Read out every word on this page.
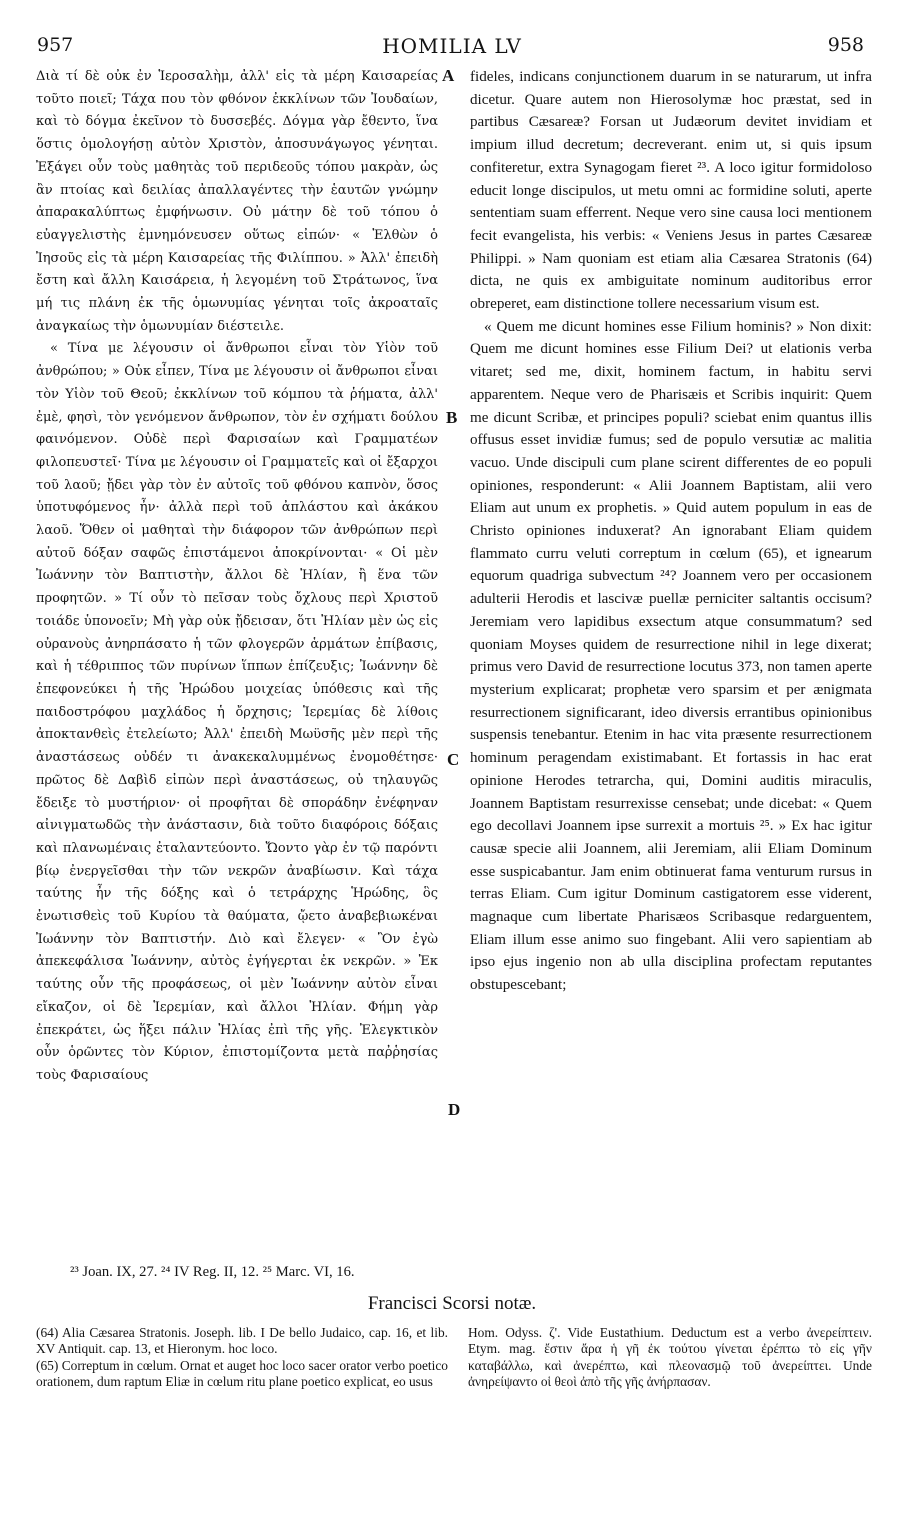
957	HOMILIA LV	958

Διὰ τί δὲ οὐκ ἐν Ἱεροσαλὴμ, ἀλλ' εἰς τὰ μέρη Καισαρείας τοῦτο ποιεῖ; Τάχα που τὸν φθόνον ἐκκλίνων τῶν Ἰουδαίων, καὶ τὸ δόγμα ἐκεῖνον τὸ δυσσεβές. Δόγμα γὰρ ἔθεντο, ἵνα ὅστις ὁμολογήσῃ αὐτὸν Χριστὸν, ἀποσυνάγωγος γένηται. Ἐξάγει οὖν τοὺς μαθητὰς τοῦ περιδεοῦς τόπου μακρὰν, ὡς ἂν πτοίας καὶ δειλίας ἀπαλλαγέντες τὴν ἑαυτῶν γνώμην ἀπαρακαλύπτως ἐμφήνωσιν. Οὐ μάτην δὲ τοῦ τόπου ὁ εὐαγγελιστὴς ἐμνημόνευσεν οὕτως εἰπών· « Ἐλθὼν ὁ Ἰησοῦς εἰς τὰ μέρη Καισαρείας τῆς Φιλίππου. » Ἀλλ' ἐπειδὴ ἔστη καὶ ἄλλη Καισάρεια, ἡ λεγομένη τοῦ Στράτωνος, ἵνα μή τις πλάνη ἐκ τῆς ὁμωνυμίας γένηται τοῖς ἀκροαταῖς ἀναγκαίως τὴν ὁμωνυμίαν διέστειλε.

« Τίνα με λέγουσιν οἱ ἄνθρωποι εἶναι τὸν Υἱὸν τοῦ ἀνθρώπου; » Οὐκ εἶπεν, Τίνα με λέγουσιν οἱ ἄνθρωποι εἶναι τὸν Υἱὸν τοῦ Θεοῦ; ἐκκλίνων τοῦ κόμπου τὰ ῥήματα, ἀλλ' ἐμὲ, φησὶ, τὸν γενόμενον ἄνθρωπον, τὸν ἐν σχήματι δούλου φαινόμενον. Οὐδὲ περὶ Φαρισαίων καὶ Γραμματέων φιλοπευστεῖ· Τίνα με λέγουσιν οἱ Γραμματεῖς καὶ οἱ ἔξαρχοι τοῦ λαοῦ; ᾔδει γὰρ τὸν ἐν αὐτοῖς τοῦ φθόνου καπνὸν, ὅσος ὑποτυφόμενος ἦν· ἀλλὰ περὶ τοῦ ἀπλάστου καὶ ἀκάκου λαοῦ. Ὅθεν οἱ μαθηταὶ τὴν διάφορον τῶν ἀνθρώπων περὶ αὐτοῦ δόξαν σαφῶς ἐπιστάμενοι ἀποκρίνονται· « Οἱ μὲν Ἰωάννην τὸν Βαπτιστὴν, ἄλλοι δὲ Ἠλίαν, ἢ ἕνα τῶν προφητῶν. » Τί οὖν τὸ πεῖσαν τοὺς ὄχλους περὶ Χριστοῦ τοιάδε ὑπονοεῖν; Μὴ γὰρ οὐκ ᾔδεισαν, ὅτι Ἠλίαν μὲν ὡς εἰς οὐρανοὺς ἀνηρπάσατο ἡ τῶν φλογερῶν ἁρμάτων ἐπίβασις, καὶ ἡ τέθριππος τῶν πυρίνων ἵππων ἐπίζευξις; Ἰωάννην δὲ ἐπεφονεύκει ἡ τῆς Ἡρώδου μοιχείας ὑπόθεσις καὶ τῆς παιδοστρόφου μαχλάδος ἡ ὄρχησις; Ἱερεμίας δὲ λίθοις ἀποκτανθεὶς ἐτελείωτο; Ἀλλ' ἐπειδὴ Μωϋσῆς μὲν περὶ τῆς ἀναστάσεως οὐδέν τι ἀνακεκαλυμμένως ἐνομοθέτησε· πρῶτος δὲ Δαβὶδ εἰπὼν περὶ ἀναστάσεως, οὐ τηλαυγῶς ἔδειξε τὸ μυστήριον· οἱ προφῆται δὲ σποράδην ἐνέφηναν αἰνιγματωδῶς τὴν ἀνάστασιν, διὰ τοῦτο διαφόροις δόξαις καὶ πλανωμέναις ἐταλαντεύοντο. Ὤοντο γὰρ ἐν τῷ παρόντι βίῳ ἐνεργεῖσθαι τὴν τῶν νεκρῶν ἀναβίωσιν. Καὶ τάχα ταύτης ἦν τῆς δόξης καὶ ὁ τετράρχης Ἡρώδης, ὃς ἐνωτισθεὶς τοῦ Κυρίου τὰ θαύματα, ᾤετο ἀναβεβιωκέναι Ἰωάννην τὸν Βαπτιστήν. Διὸ καὶ ἔλεγεν· « Ὃν ἐγὼ ἀπεκεφάλισα Ἰωάννην, αὐτὸς ἐγήγερται ἐκ νεκρῶν. » Ἐκ ταύτης οὖν τῆς προφάσεως, οἱ μὲν Ἰωάννην αὐτὸν εἶναι εἴκαζον, οἱ δὲ Ἱερεμίαν, καὶ ἄλλοι Ἠλίαν. Φήμη γὰρ ἐπεκράτει, ὡς ἥξει πάλιν Ἠλίας ἐπὶ τῆς γῆς. Ἐλεγκτικὸν οὖν ὁρῶντες τὸν Κύριον, ἐπιστομίζοντα μετὰ παῤῥησίας τοὺς Φαρισαίους

fideles, indicans conjunctionem duarum in se naturarum, ut infra dicetur. Quare autem non Hierosolymæ hoc præstat, sed in partibus Cæsareæ? Forsan ut Judæorum devitet invidiam et impium illud decretum; decreverant. enim ut, si quis ipsum confiteretur, extra Synagogam fieret ²³. A loco igitur formidoloso educit longe discipulos, ut metu omni ac formidine soluti, aperte sententiam suam efferrent. Neque vero sine causa loci mentionem fecit evangelista, his verbis: « Veniens Jesus in partes Cæsareæ Philippi. » Nam quoniam est etiam alia Cæsarea Stratonis (64) dicta, ne quis ex ambiguitate nominum auditoribus error obreperet, eam distinctione tollere necessarium visum est.

« Quem me dicunt homines esse Filium hominis? » Non dixit: Quem me dicunt homines esse Filium Dei? ut elationis verba vitaret; sed me, dixit, hominem factum, in habitu servi apparentem. Neque vero de Pharisæis et Scribis inquirit: Quem me dicunt Scribæ, et principes populi? sciebat enim quantus illis offusus esset invidiæ fumus; sed de populo versutiæ ac malitia vacuo. Unde discipuli cum plane scirent differentes de eo populi opiniones, responderunt: « Alii Joannem Baptistam, alii vero Eliam aut unum ex prophetis. » Quid autem populum in eas de Christo opiniones induxerat? An ignorabant Eliam quidem flammato curru veluti correptum in cœlum (65), et ignearum equorum quadriga subvectum ²⁴? Joannem vero per occasionem adulterii Herodis et lascivæ puellæ perniciter saltantis occisum? Jeremiam vero lapidibus exsectum atque consummatum? sed quoniam Moyses quidem de resurrectione nihil in lege dixerat; primus vero David de resurrectione locutus 373, non tamen aperte mysterium explicarat; prophetæ vero sparsim et per ænigmata resurrectionem significarant, ideo diversis errantibus opinionibus suspensis tenebantur. Etenim in hac vita præsente resurrectionem hominum peragendam existimabant. Et fortassis in hac erat opinione Herodes tetrarcha, qui, Domini auditis miraculis, Joannem Baptistam resurrexisse censebat; unde dicebat: « Quem ego decollavi Joannem ipse surrexit a mortuis ²⁵. » Ex hac igitur causæ specie alii Joannem, alii Jeremiam, alii Eliam Dominum esse suspicabantur. Jam enim obtinuerat fama venturum rursus in terras Eliam. Cum igitur Dominum castigatorem esse viderent, magnaque cum libertate Pharisæos Scribasque redarguentem, Eliam illum esse animo suo fingebant. Alii vero sapientiam ab ipso ejus ingenio non ab ulla disciplina profectam reputantes obstupescebant;

A
B
C
D
²³ Joan. IX, 27. ²⁴ IV Reg. II, 12. ²⁵ Marc. VI, 16.
Francisci Scorsi notæ.

(64) Alia Cæsarea Stratonis. Joseph. lib. I De bello Judaico, cap. 16, et lib. XV Antiquit. cap. 13, et Hieronym. hoc loco.

(65) Correptum in cœlum. Ornat et auget hoc loco sacer orator verbo poetico orationem, dum raptum Eliæ in cœlum ritu plane poetico explicat, eo usus

Hom. Odyss. ζ'. Vide Eustathium. Deductum est a verbo ἀνερείπτειν. Etym. mag. ἔστιν ἄρα ἡ γῆ ἐκ τούτου γίνεται ἐρέπτω τὸ εἰς γῆν καταβάλλω, καὶ ἀνερέπτω, καὶ πλεονασμῷ τοῦ ἀνερείπτει. Unde ἀνηρείψαντο οἱ θεοὶ ἀπὸ τῆς γῆς ἀνήρπασαν.
